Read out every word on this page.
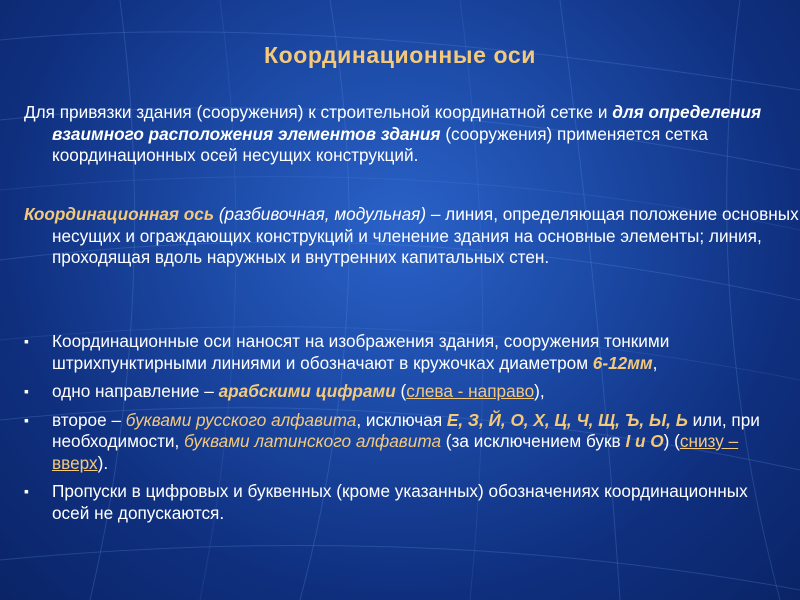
Координационные оси
Для привязки здания (сооружения) к строительной координатной сетке и для определения взаимного расположения элементов здания (сооружения) применяется сетка координационных осей несущих конструкций.
Координационная ось (разбивочная, модульная) – линия, определяющая положение основных несущих и ограждающих конструкций и членение здания на основные элементы; линия, проходящая вдоль наружных и внутренних капитальных стен.
▪ Координационные оси наносят на изображения здания, сооружения тонкими штрихпунктирными линиями и обозначают в кружочках диаметром 6-12мм,
▪ одно направление – арабскими цифрами (слева - направо),
▪ второе – буквами русского алфавита, исключая Е, З, Й, О, Х, Ц, Ч, Щ, Ъ, Ы, Ь или, при необходимости, буквами латинского алфавита (за исключением букв I и O) (снизу – вверх).
▪ Пропуски в цифровых и буквенных (кроме указанных) обозначениях координационных осей не допускаются.
